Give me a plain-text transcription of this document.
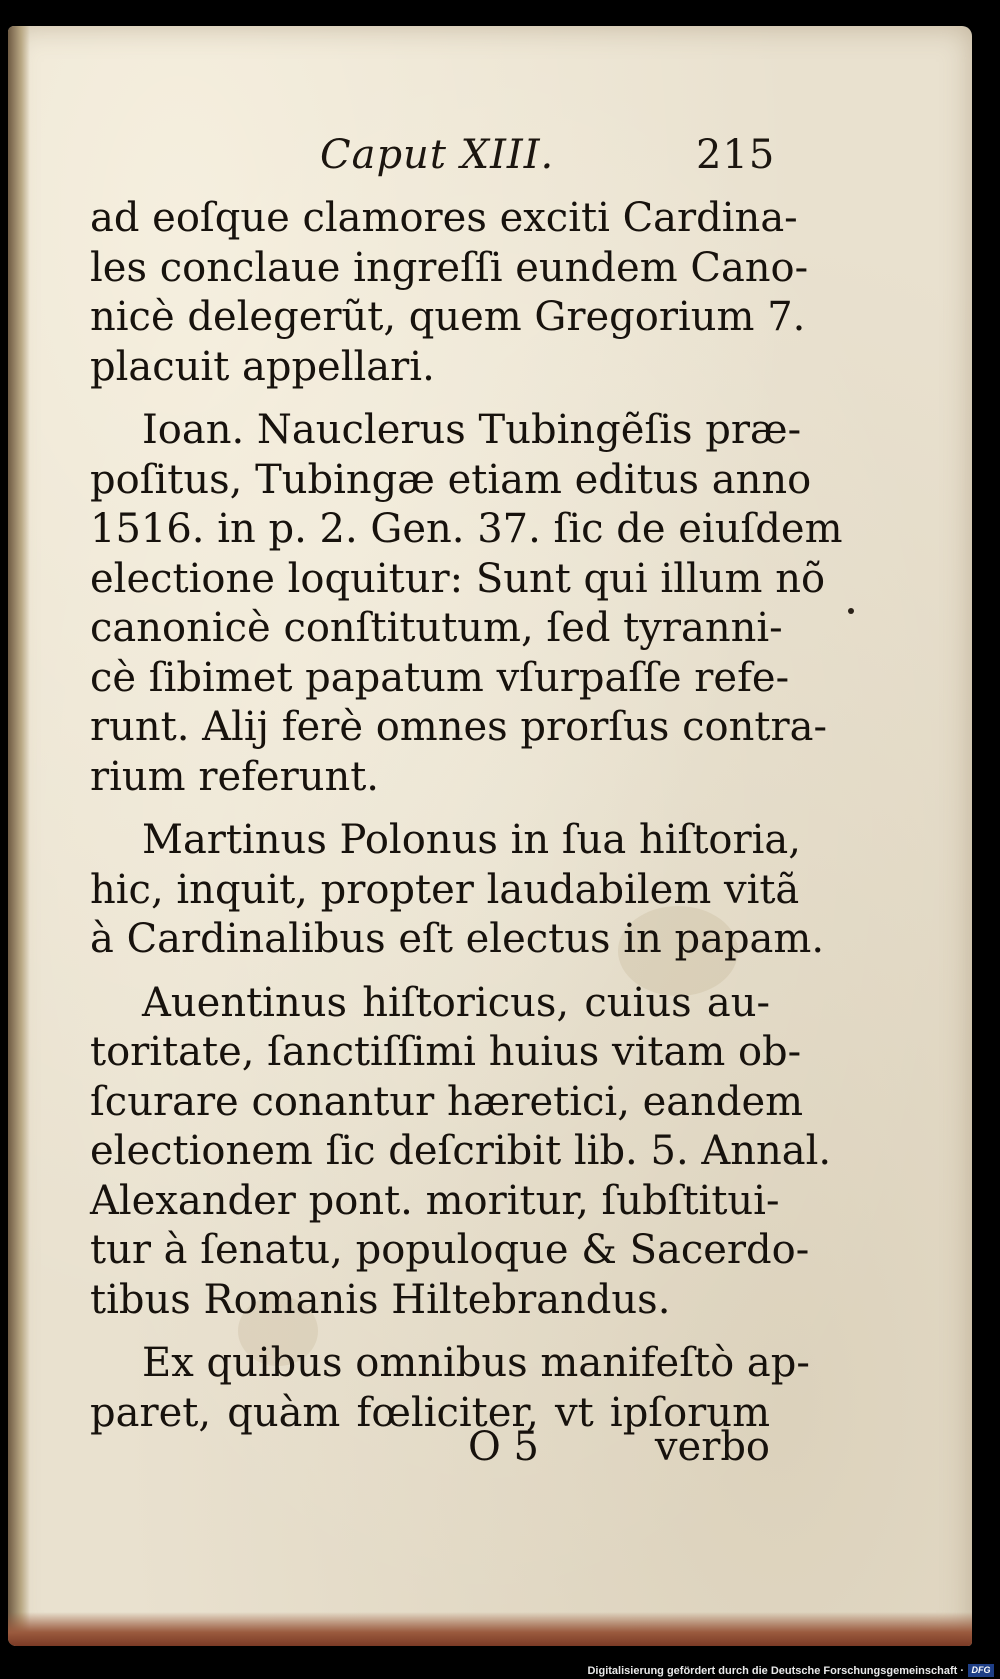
Caput XIII.	215
ad eoſque clamores exciti Cardina-
les conclaue ingreſſi eundem Cano-
nicè delegerũt, quem Gregorium 7.
placuit appellari.
Ioan. Nauclerus Tubingẽſis præ-
poſitus, Tubingæ etiam editus anno
1516. in p. 2. Gen. 37. ſic de eiuſdem
electione loquitur: Sunt qui illum nõ
canonicè conſtitutum, ſed tyranni-
cè ſibimet papatum vſurpaſſe refe-
runt. Alij ferè omnes prorſus contra-
rium referunt.
Martinus Polonus in ſua hiſtoria,
hic, inquit, propter laudabilem vitã
à Cardinalibus eſt electus in papam.
Auentinus hiſtoricus, cuius au-
toritate, ſanctiſſimi huius vitam ob-
ſcurare conantur hæretici, eandem
electionem ſic deſcribit lib. 5. Annal.
Alexander pont. moritur, ſubſtitui-
tur à ſenatu, populoque & Sacerdo-
tibus Romanis Hiltebrandus.
Ex quibus omnibus manifeſtò ap-
paret, quàm fœliciter, vt ipſorum
O 5	verbo
Digitalisierung gefördert durch die Deutsche Forschungsgemeinschaft · DFG
